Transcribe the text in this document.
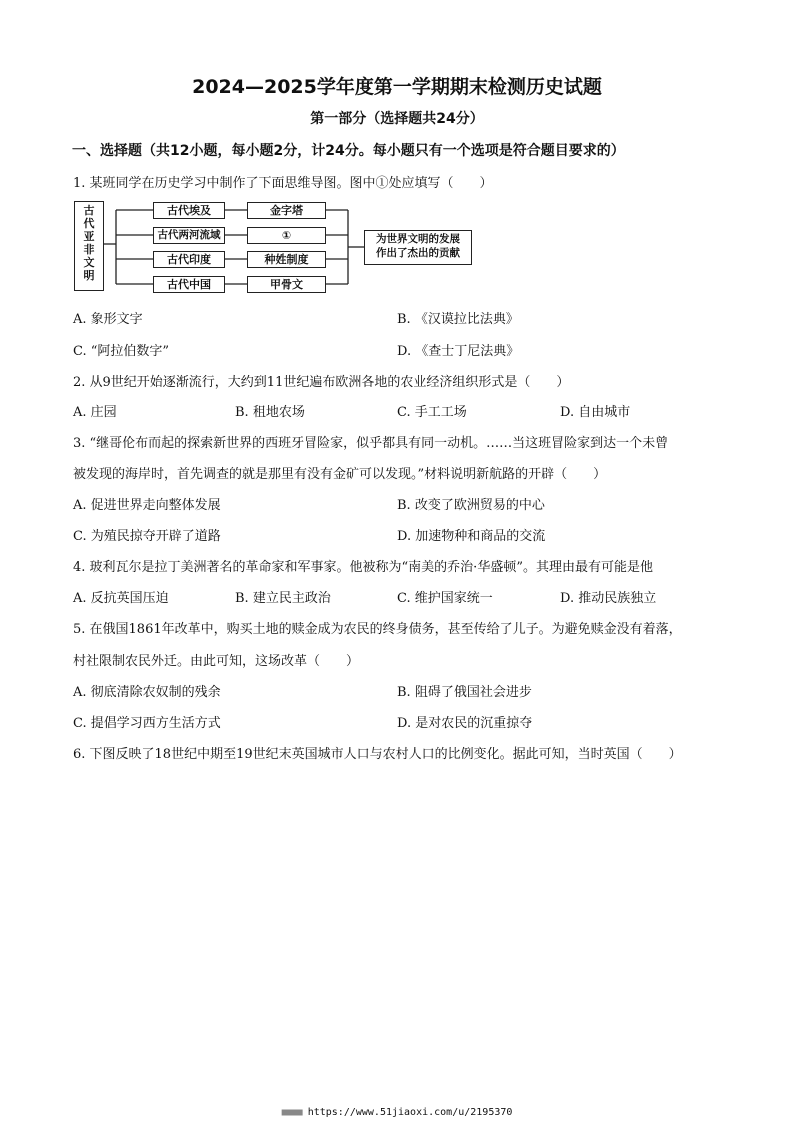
2024—2025学年度第一学期期末检测历史试题
第一部分（选择题共24分）
一、选择题（共12小题，每小题2分，计24分。每小题只有一个选项是符合题目要求的）
1. 某班同学在历史学习中制作了下面思维导图。图中①处应填写（　　）
古
代
亚
非
文
明
古代埃及
古代两河流域
古代印度
古代中国
金字塔
①
种姓制度
甲骨文
为世界文明的发展
作出了杰出的贡献
A. 象形文字	B. 《汉谟拉比法典》
C. “阿拉伯数字”	D. 《查士丁尼法典》
2. 从9世纪开始逐渐流行，大约到11世纪遍布欧洲各地的农业经济组织形式是（　　）
A. 庄园	B. 租地农场	C. 手工工场	D. 自由城市
3. “继哥伦布而起的探索新世界的西班牙冒险家，似乎都具有同一动机。……当这班冒险家到达一个未曾
被发现的海岸时，首先调查的就是那里有没有金矿可以发现。”材料说明新航路的开辟（　　）
A. 促进世界走向整体发展	B. 改变了欧洲贸易的中心
C. 为殖民掠夺开辟了道路	D. 加速物种和商品的交流
4. 玻利瓦尔是拉丁美洲著名的革命家和军事家。他被称为“南美的乔治·华盛顿”。其理由最有可能是他
A. 反抗英国压迫	B. 建立民主政治	C. 维护国家统一	D. 推动民族独立
5. 在俄国1861年改革中，购买土地的赎金成为农民的终身债务，甚至传给了儿子。为避免赎金没有着落，
村社限制农民外迁。由此可知，这场改革（　　）
A. 彻底清除农奴制的残余	B. 阻碍了俄国社会进步
C. 提倡学习西方生活方式	D. 是对农民的沉重掠夺
6. 下图反映了18世纪中期至19世纪末英国城市人口与农村人口的比例变化。据此可知，当时英国（　　）
■■■■ https://www.51jiaoxi.com/u/2195370
